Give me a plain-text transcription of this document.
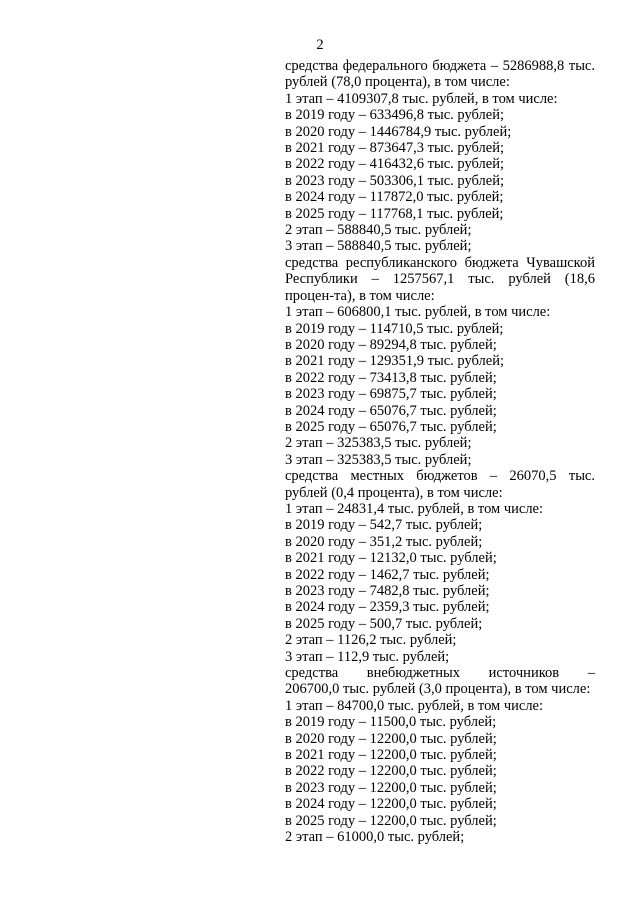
2
средства федерального бюджета – 5286988,8 тыс. рублей (78,0 процента), в том числе:
1 этап – 4109307,8 тыс. рублей, в том числе:
в 2019 году – 633496,8 тыс. рублей;
в 2020 году – 1446784,9 тыс. рублей;
в 2021 году – 873647,3 тыс. рублей;
в 2022 году – 416432,6 тыс. рублей;
в 2023 году – 503306,1 тыс. рублей;
в 2024 году – 117872,0 тыс. рублей;
в 2025 году – 117768,1 тыс. рублей;
2 этап – 588840,5 тыс. рублей;
3 этап – 588840,5 тыс. рублей;
средства республиканского бюджета Чувашской Республики – 1257567,1 тыс. рублей (18,6 процен-та), в том числе:
1 этап – 606800,1 тыс. рублей, в том числе:
в 2019 году – 114710,5 тыс. рублей;
в 2020 году – 89294,8 тыс. рублей;
в 2021 году – 129351,9 тыс. рублей;
в 2022 году – 73413,8 тыс. рублей;
в 2023 году – 69875,7 тыс. рублей;
в 2024 году – 65076,7 тыс. рублей;
в 2025 году – 65076,7 тыс. рублей;
2 этап – 325383,5 тыс. рублей;
3 этап – 325383,5 тыс. рублей;
средства местных бюджетов – 26070,5 тыс. рублей (0,4 процента), в том числе:
1 этап – 24831,4 тыс. рублей, в том числе:
в 2019 году – 542,7 тыс. рублей;
в 2020 году – 351,2 тыс. рублей;
в 2021 году – 12132,0 тыс. рублей;
в 2022 году – 1462,7 тыс. рублей;
в 2023 году – 7482,8 тыс. рублей;
в 2024 году – 2359,3 тыс. рублей;
в 2025 году – 500,7 тыс. рублей;
2 этап – 1126,2 тыс. рублей;
3 этап – 112,9 тыс. рублей;
средства внебюджетных источников –
206700,0 тыс. рублей (3,0 процента), в том числе:
1 этап – 84700,0 тыс. рублей, в том числе:
в 2019 году – 11500,0 тыс. рублей;
в 2020 году – 12200,0 тыс. рублей;
в 2021 году – 12200,0 тыс. рублей;
в 2022 году – 12200,0 тыс. рублей;
в 2023 году – 12200,0 тыс. рублей;
в 2024 году – 12200,0 тыс. рублей;
в 2025 году – 12200,0 тыс. рублей;
2 этап – 61000,0 тыс. рублей;
